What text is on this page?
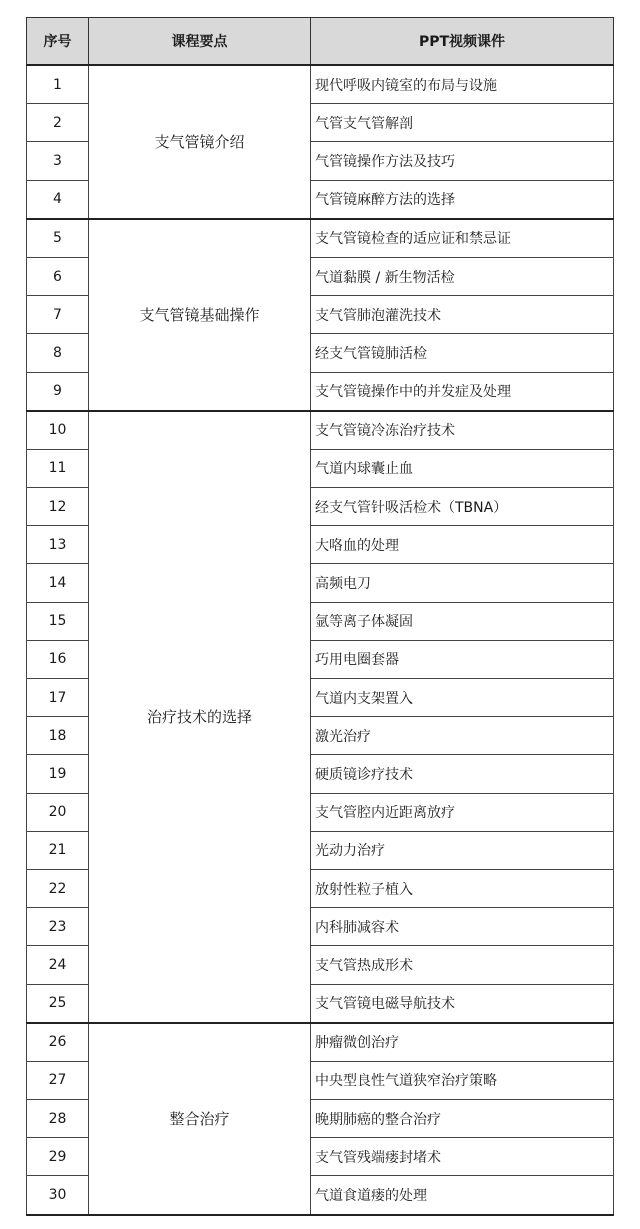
序号	课程要点	PPT视频课件
1	支气管镜介绍	现代呼吸内镜室的布局与设施
2		气管支气管解剖
3		气管镜操作方法及技巧
4		气管镜麻醉方法的选择
5	支气管镜基础操作	支气管镜检查的适应证和禁忌证
6		气道黏膜 / 新生物活检
7		支气管肺泡灌洗技术
8		经支气管镜肺活检
9		支气管镜操作中的并发症及处理
10	治疗技术的选择	支气管镜冷冻治疗技术
11		气道内球囊止血
12		经支气管针吸活检术（TBNA）
13		大咯血的处理
14		高频电刀
15		氩等离子体凝固
16		巧用电圈套器
17		气道内支架置入
18		激光治疗
19		硬质镜诊疗技术
20		支气管腔内近距离放疗
21		光动力治疗
22		放射性粒子植入
23		内科肺减容术
24		支气管热成形术
25		支气管镜电磁导航技术
26	整合治疗	肿瘤微创治疗
27		中央型良性气道狭窄治疗策略
28		晚期肺癌的整合治疗
29		支气管残端瘘封堵术
30		气道食道瘘的处理
